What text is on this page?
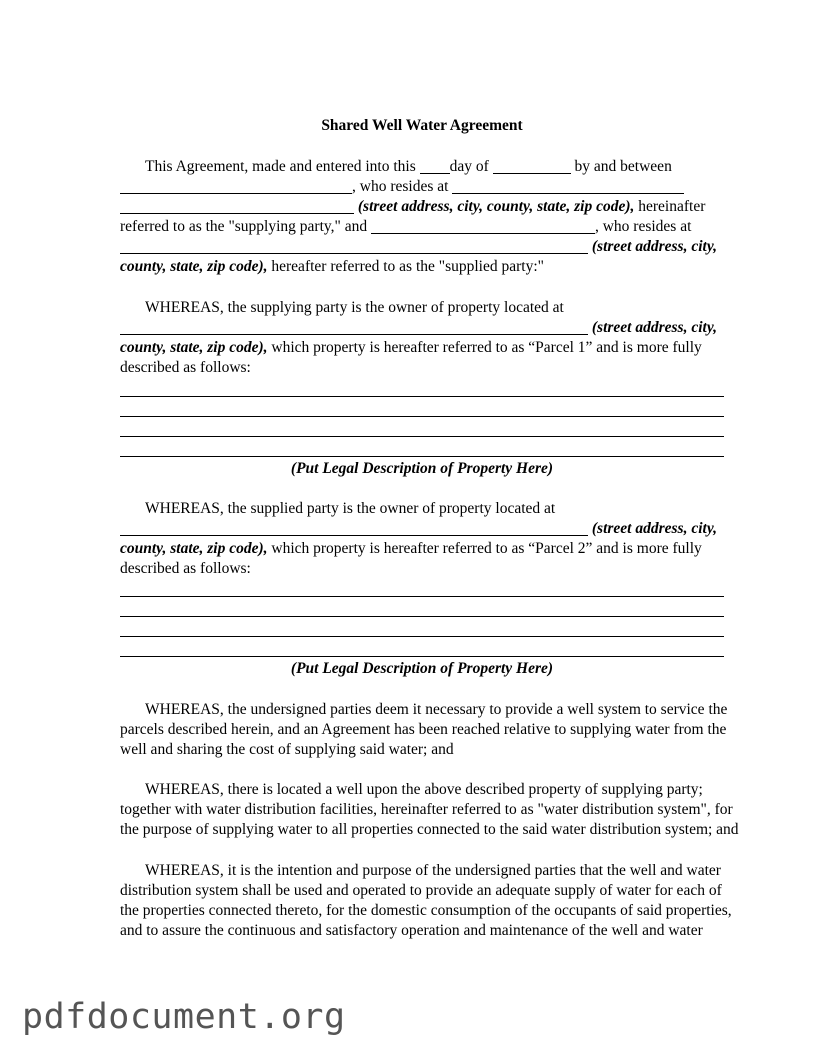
Shared Well Water Agreement
This Agreement, made and entered into this day of	by and between
, who resides at
(street address, city, county, state, zip code), hereinafter
referred to as the "supplying party," and	, who resides at
(street address, city,
county, state, zip code), hereafter referred to as the "supplied party:"
WHEREAS, the supplying party is the owner of property located at
(street address, city,
county, state, zip code), which property is hereafter referred to as “Parcel 1” and is more fully
described as follows:
(Put Legal Description of Property Here)
WHEREAS, the supplied party is the owner of property located at
(street address, city,
county, state, zip code), which property is hereafter referred to as “Parcel 2” and is more fully
described as follows:
(Put Legal Description of Property Here)
WHEREAS, the undersigned parties deem it necessary to provide a well system to service the
parcels described herein, and an Agreement has been reached relative to supplying water from the
well and sharing the cost of supplying said water; and
WHEREAS, there is located a well upon the above described property of supplying party;
together with water distribution facilities, hereinafter referred to as "water distribution system", for
the purpose of supplying water to all properties connected to the said water distribution system; and
WHEREAS, it is the intention and purpose of the undersigned parties that the well and water
distribution system shall be used and operated to provide an adequate supply of water for each of
the properties connected thereto, for the domestic consumption of the occupants of said properties,
and to assure the continuous and satisfactory operation and maintenance of the well and water
pdfdocument.org
